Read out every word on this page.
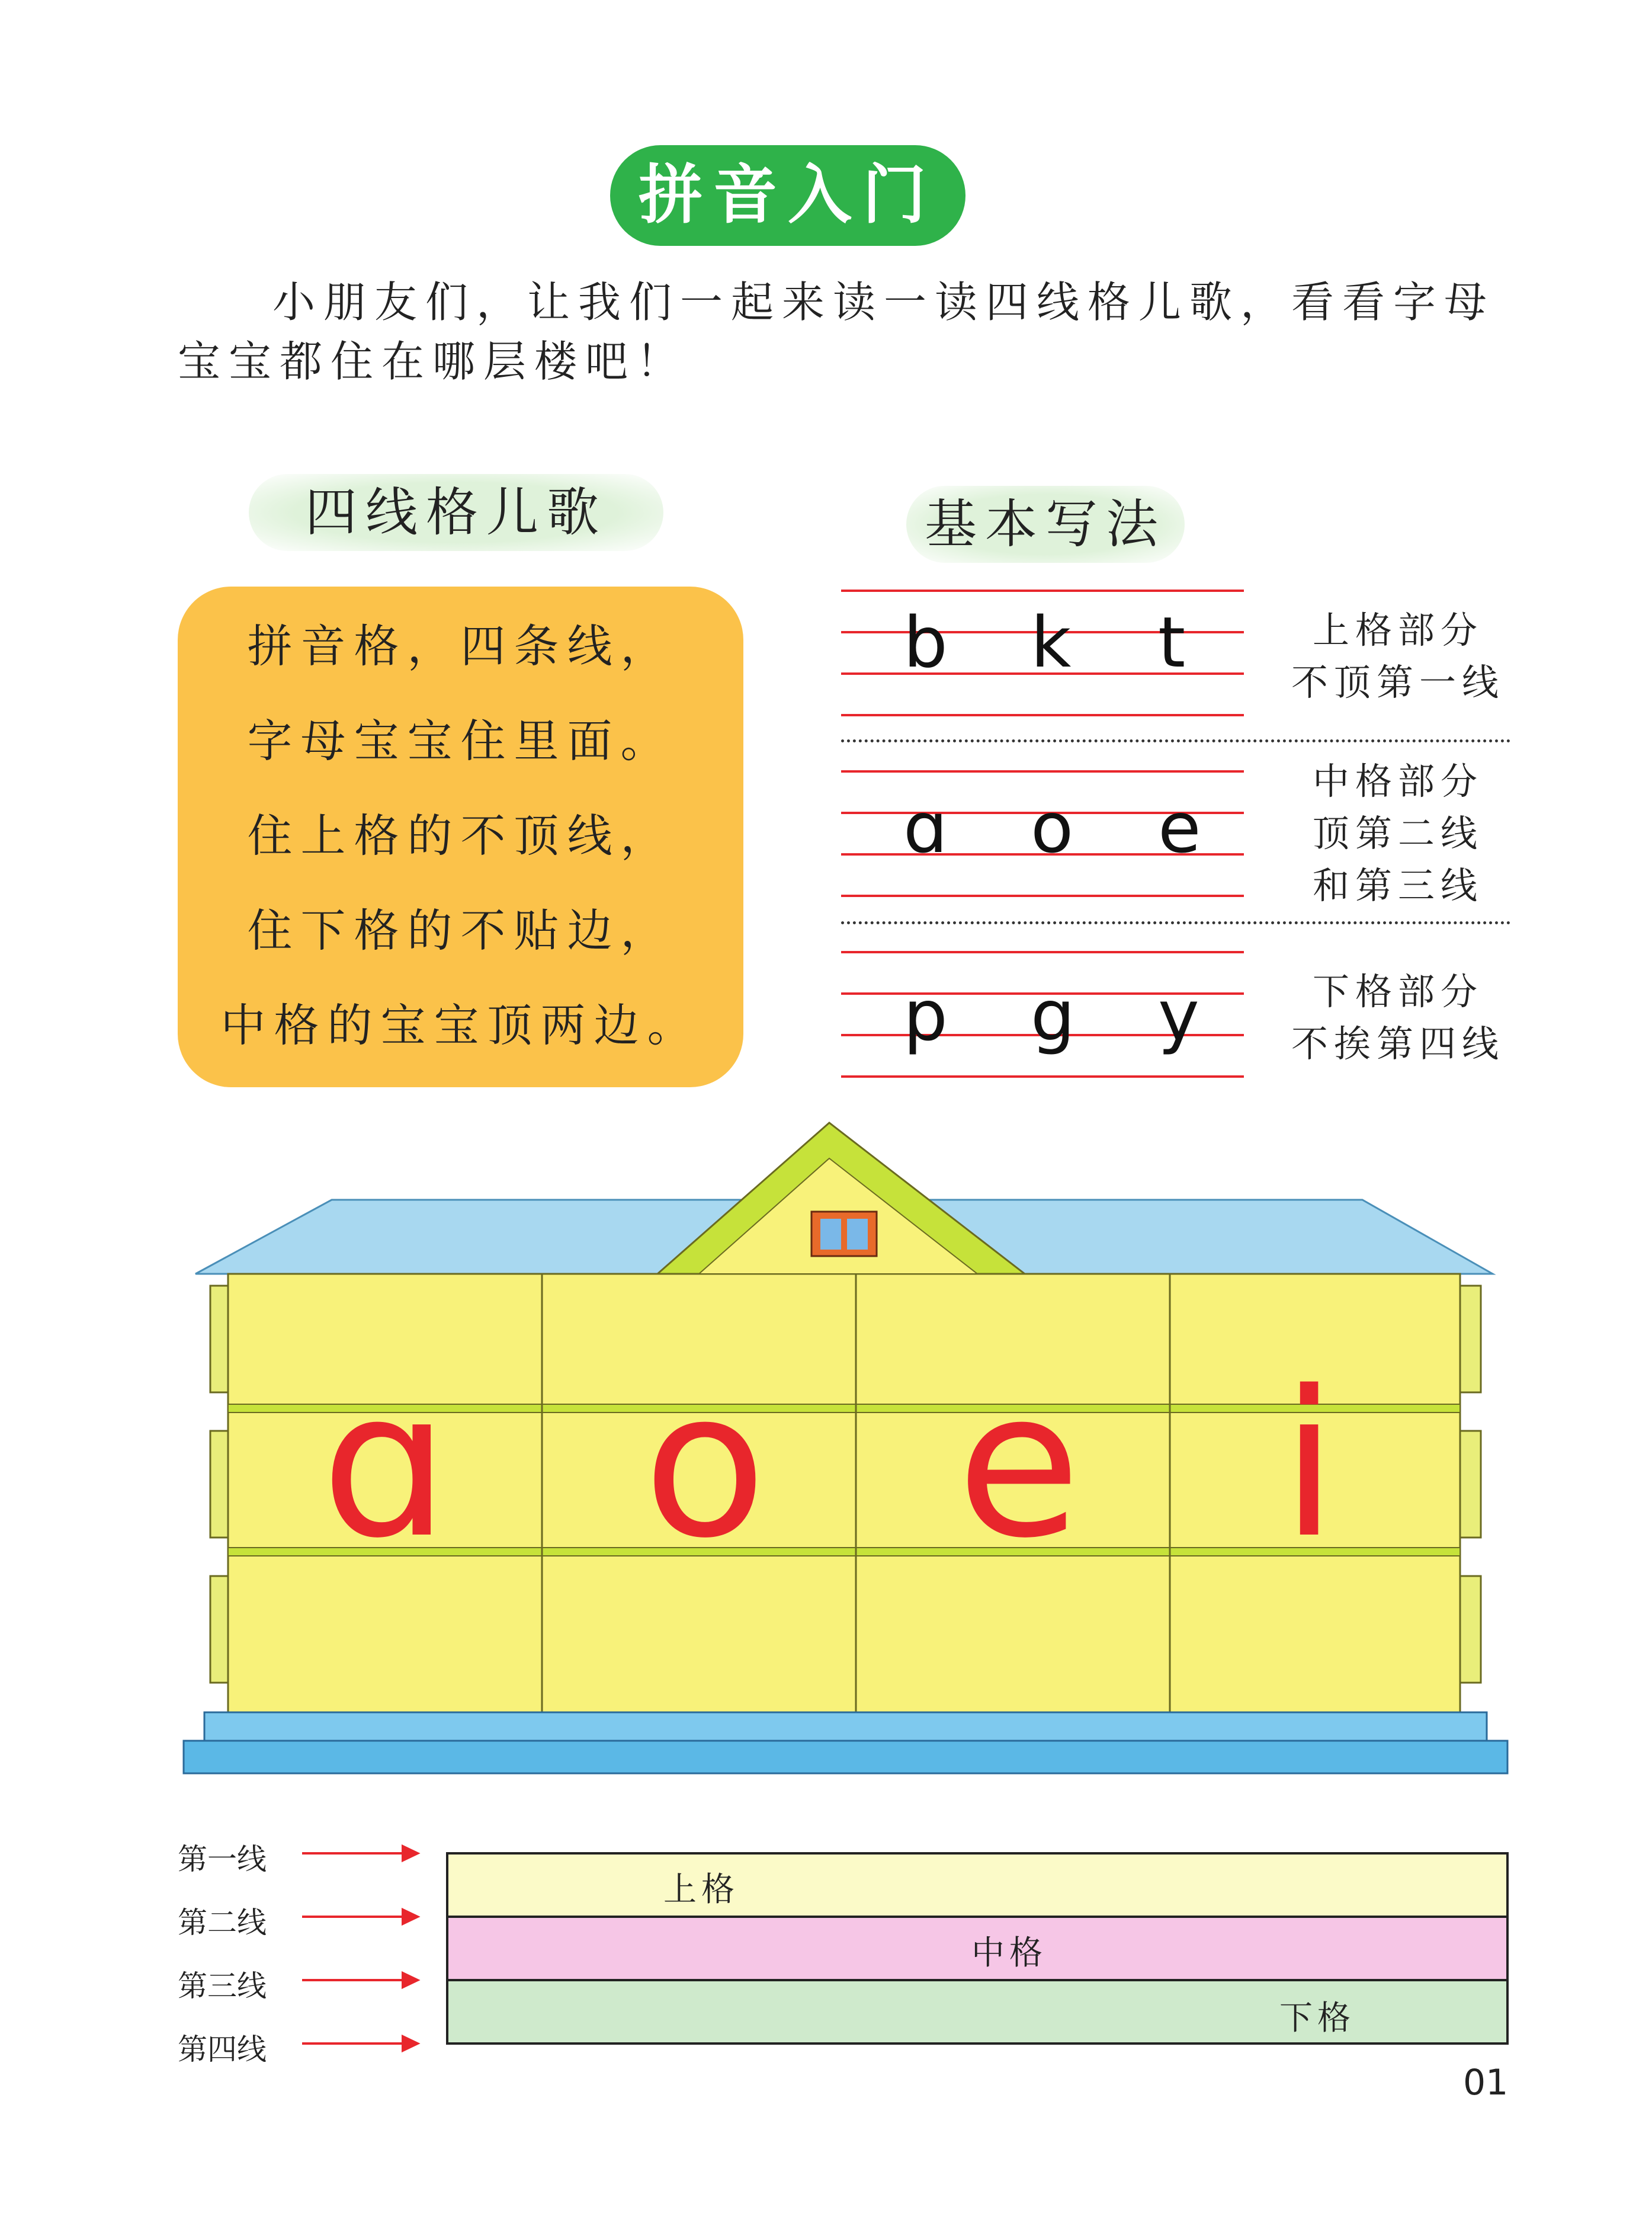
拼音入门
小朋友们，让我们一起来读一读四线格儿歌，看看字母宝宝都住在哪层楼吧！
四线格儿歌
拼音格，四条线，
字母宝宝住里面。
住上格的不顶线，
住下格的不贴边，
中格的宝宝顶两边。
基本写法
b k t	上格部分
不顶第一线
ɑ o e
中格部分
顶第二线
和第三线
p g y	下格部分
不挨第四线
ɑ o e i
第一线
第二线
第三线
第四线
上格
中格
下格
01
